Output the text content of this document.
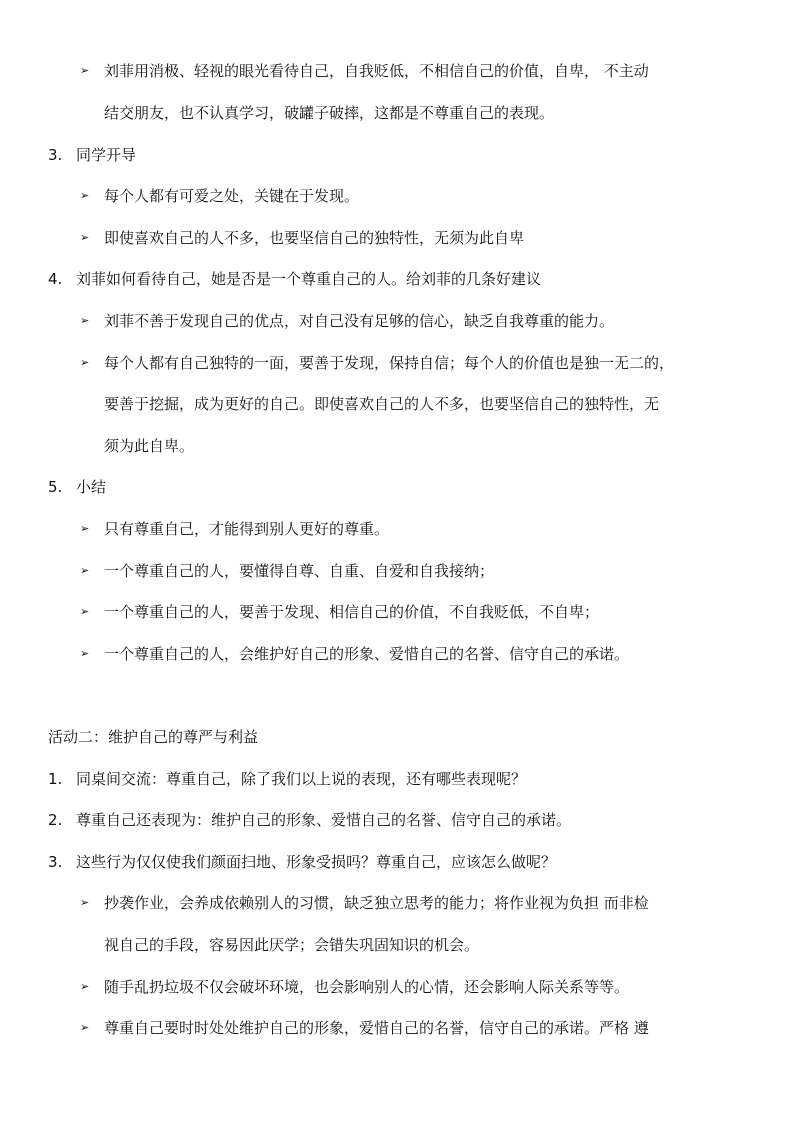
➢ 刘菲用消极、轻视的眼光看待自己，自我贬低，不相信自己的价值，自卑， 不主动
结交朋友，也不认真学习，破罐子破摔，这都是不尊重自己的表现。
3. 同学开导
➢ 每个人都有可爱之处，关键在于发现。
➢ 即使喜欢自己的人不多，也要坚信自己的独特性，无须为此自卑
4. 刘菲如何看待自己，她是否是一个尊重自己的人。给刘菲的几条好建议
➢ 刘菲不善于发现自己的优点，对自己没有足够的信心，缺乏自我尊重的能力。
➢ 每个人都有自己独特的一面，要善于发现，保持自信；每个人的价值也是独一无二的，
要善于挖掘，成为更好的自己。即使喜欢自己的人不多，也要坚信自己的独特性，无
须为此自卑。
5. 小结
➢ 只有尊重自己，才能得到别人更好的尊重。
➢ 一个尊重自己的人，要懂得自尊、自重、自爱和自我接纳；
➢ 一个尊重自己的人，要善于发现、相信自己的价值，不自我贬低，不自卑；
➢ 一个尊重自己的人，会维护好自己的形象、爱惜自己的名誉、信守自己的承诺。
活动二：维护自己的尊严与利益
1. 同桌间交流：尊重自己，除了我们以上说的表现，还有哪些表现呢？
2. 尊重自己还表现为：维护自己的形象、爱惜自己的名誉、信守自己的承诺。
3. 这些行为仅仅使我们颜面扫地、形象受损吗？尊重自己，应该怎么做呢？
➢ 抄袭作业，会养成依赖别人的习惯，缺乏独立思考的能力；将作业视为负担 而非检
视自己的手段，容易因此厌学；会错失巩固知识的机会。
➢ 随手乱扔垃圾不仅会破坏环境，也会影响别人的心情，还会影响人际关系等等。
➢ 尊重自己要时时处处维护自己的形象，爱惜自己的名誉，信守自己的承诺。严格 遵
